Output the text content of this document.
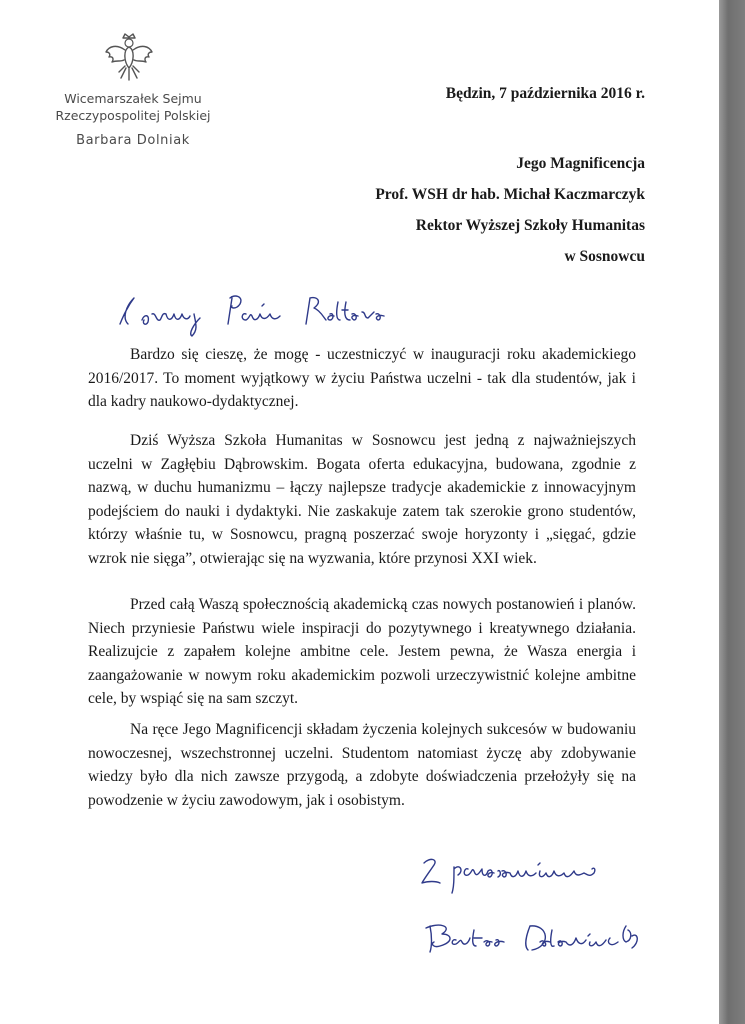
Wicemarszałek Sejmu
Rzeczypospolitej Polskiej
Barbara Dolniak
Będzin, 7 października 2016 r.
Jego Magnificencja
Prof. WSH dr hab. Michał Kaczmarczyk
Rektor Wyższej Szkoły Humanitas
w Sosnowcu

Bardzo się cieszę, że mogę - uczestniczyć w inauguracji roku akademickiego 2016/2017. To moment wyjątkowy w życiu Państwa uczelni - tak dla studentów, jak i dla kadry naukowo-dydaktycznej.

Dziś Wyższa Szkoła Humanitas w Sosnowcu jest jedną z najważniejszych uczelni w Zagłębiu Dąbrowskim. Bogata oferta edukacyjna, budowana, zgodnie z nazwą, w duchu humanizmu – łączy najlepsze tradycje akademickie z innowacyjnym podejściem do nauki i dydaktyki. Nie zaskakuje zatem tak szerokie grono studentów, którzy właśnie tu, w Sosnowcu, pragną poszerzać swoje horyzonty i „sięgać, gdzie wzrok nie sięga”, otwierając się na wyzwania, które przynosi XXI wiek.

Przed całą Waszą społecznością akademicką czas nowych postanowień i planów. Niech przyniesie Państwu wiele inspiracji do pozytywnego i kreatywnego działania. Realizujcie z zapałem kolejne ambitne cele. Jestem pewna, że Wasza energia i zaangażowanie w nowym roku akademickim pozwoli urzeczywistnić kolejne ambitne cele, by wspiąć się na sam szczyt.

Na ręce Jego Magnificencji składam życzenia kolejnych sukcesów w budowaniu nowoczesnej, wszechstronnej uczelni. Studentom natomiast życzę aby zdobywanie wiedzy było dla nich zawsze przygodą, a zdobyte doświadczenia przełożyły się na powodzenie w życiu zawodowym, jak i osobistym.
